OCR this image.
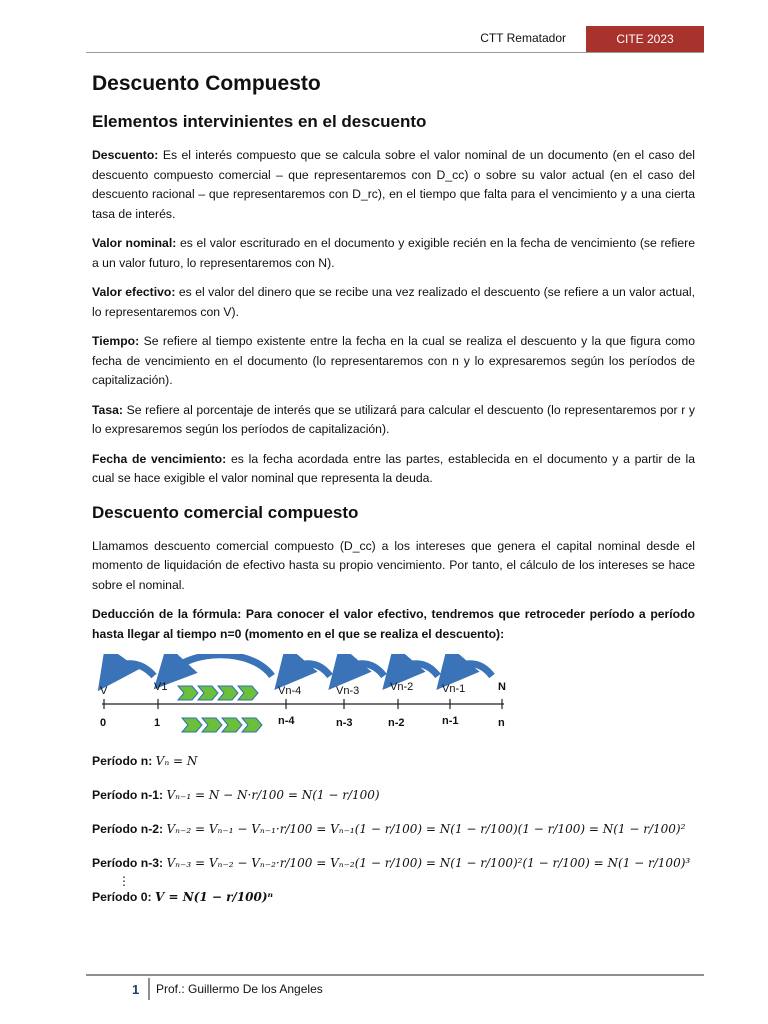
CTT Rematador	CITE 2023
Descuento Compuesto
Elementos intervinientes en el descuento

Descuento: Es el interés compuesto que se calcula sobre el valor nominal de un documento (en el caso del descuento compuesto comercial – que representaremos con D_cc) o sobre su valor actual (en el caso del descuento racional – que representaremos con D_rc), en el tiempo que falta para el vencimiento y a una cierta tasa de interés.

Valor nominal: es el valor escriturado en el documento y exigible recién en la fecha de vencimiento (se refiere a un valor futuro, lo representaremos con N).

Valor efectivo: es el valor del dinero que se recibe una vez realizado el descuento (se refiere a un valor actual, lo representaremos con V).

Tiempo: Se refiere al tiempo existente entre la fecha en la cual se realiza el descuento y la que figura como fecha de vencimiento en el documento (lo representaremos con n y lo expresaremos según los períodos de capitalización).

Tasa: Se refiere al porcentaje de interés que se utilizará para calcular el descuento (lo representaremos por r y lo expresaremos según los períodos de capitalización).

Fecha de vencimiento: es la fecha acordada entre las partes, establecida en el documento y a partir de la cual se hace exigible el valor nominal que representa la deuda.

Descuento comercial compuesto

Llamamos descuento comercial compuesto (D_cc) a los intereses que genera el capital nominal desde el momento de liquidación de efectivo hasta su propio vencimiento. Por tanto, el cálculo de los intereses se hace sobre el nominal.

Deducción de la fórmula: Para conocer el valor efectivo, tendremos que retroceder período a período hasta llegar al tiempo n=0 (momento en el que se realiza el descuento):

V	V1	Vn-4	Vn-3	Vn-2	Vn-1	N
0	1	n-4	n-3	n-2	n-1	n
Período n: Vₙ = N
Período n-1: Vₙ₋₁ = N − N·r/100 = N(1 − r/100)
Período n-2: Vₙ₋₂ = Vₙ₋₁ − Vₙ₋₁·r/100 = Vₙ₋₁(1 − r/100) = N(1 − r/100)(1 − r/100) = N(1 − r/100)²
Período n-3: Vₙ₋₃ = Vₙ₋₂ − Vₙ₋₂·r/100 = Vₙ₋₂(1 − r/100) = N(1 − r/100)²(1 − r/100) = N(1 − r/100)³
⋮
Período 0: V = N(1 − r/100)ⁿ
1 Prof.: Guillermo De los Angeles
